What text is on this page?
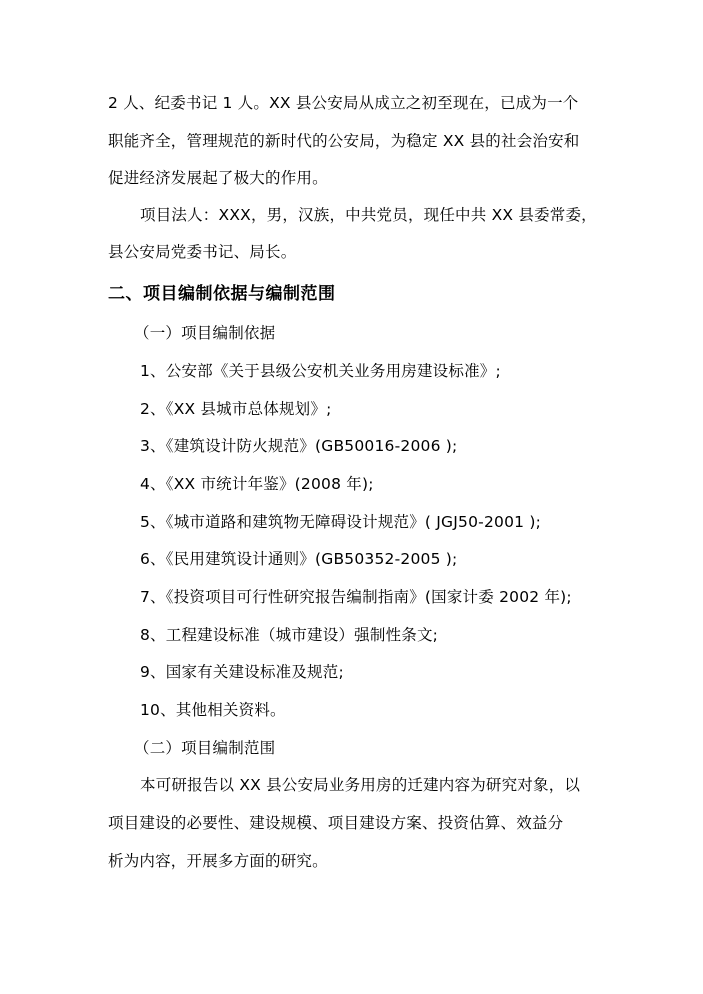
2 人、纪委书记 1 人。XX 县公安局从成立之初至现在，已成为一个
职能齐全，管理规范的新时代的公安局，为稳定 XX 县的社会治安和
促进经济发展起了极大的作用。
项目法人：XXX，男，汉族，中共党员，现任中共 XX 县委常委，
县公安局党委书记、局长。
二、项目编制依据与编制范围
（一）项目编制依据
1、公安部《关于县级公安机关业务用房建设标准》;
2、《XX 县城市总体规划》;
3、《建筑设计防火规范》(GB50016-2006 );
4、《XX 市统计年鉴》(2008 年);
5、《城市道路和建筑物无障碍设计规范》( JGJ50-2001 );
6、《民用建筑设计通则》(GB50352-2005 );
7、《投资项目可行性研究报告编制指南》(国家计委 2002 年);
8、工程建设标准（城市建设）强制性条文;
9、国家有关建设标准及规范;
10、其他相关资料。
（二）项目编制范围
本可研报告以 XX 县公安局业务用房的迁建内容为研究对象，以
项目建设的必要性、建设规模、项目建设方案、投资估算、效益分
析为内容，开展多方面的研究。
